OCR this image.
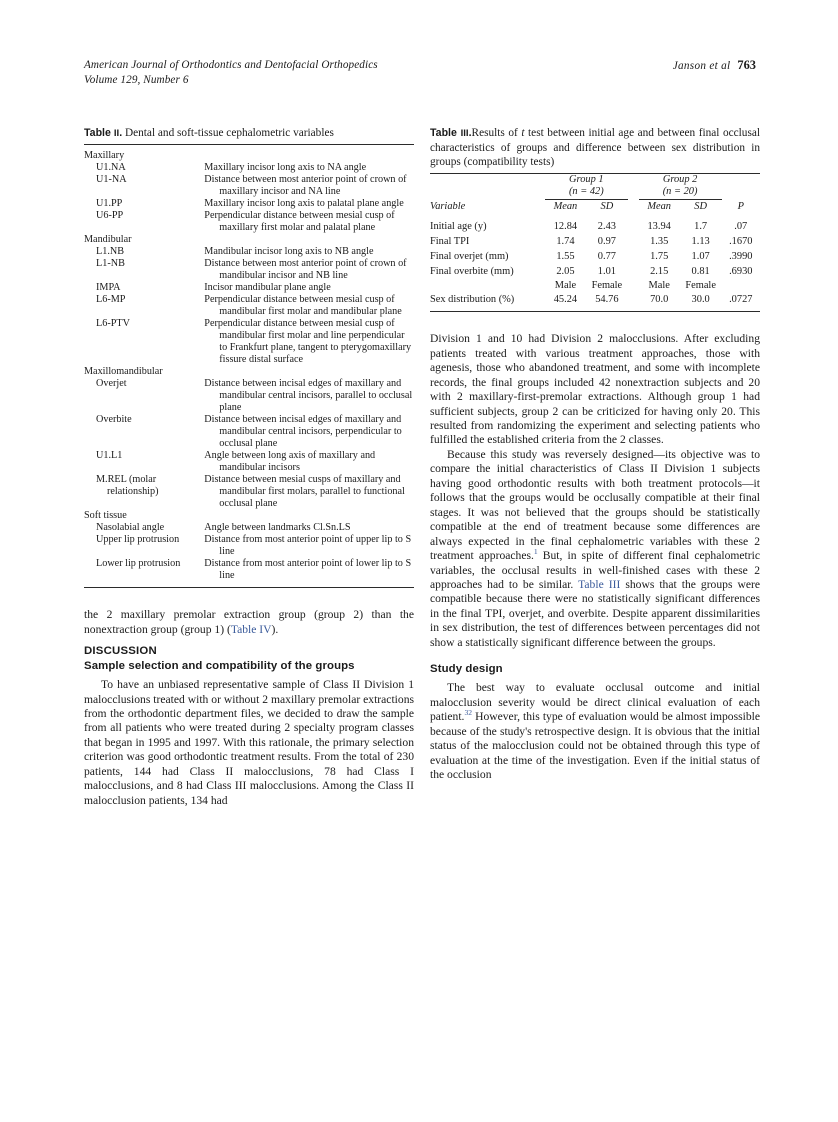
American Journal of Orthodontics and Dentofacial Orthopedics
Volume 129, Number 6
Janson et al 763

Table II. Dental and soft-tissue cephalometric variables

Maxillary	

U1.NA	Maxillary incisor long axis to NA angle

U1-NA	Distance between most anterior point of crown of maxillary incisor and NA line

U1.PP	Maxillary incisor long axis to palatal plane angle

U6-PP	Perpendicular distance between mesial cusp of maxillary first molar and palatal plane

Mandibular	

L1.NB	Mandibular incisor long axis to NB angle

L1-NB	Distance between most anterior point of crown of mandibular incisor and NB line

IMPA	Incisor mandibular plane angle

L6-MP	Perpendicular distance between mesial cusp of mandibular first molar and mandibular plane

L6-PTV	Perpendicular distance between mesial cusp of mandibular first molar and line perpendicular to Frankfurt plane, tangent to pterygomaxillary fissure distal surface

Maxillomandibular	

Overjet	Distance between incisal edges of maxillary and mandibular central incisors, parallel to occlusal plane

Overbite	Distance between incisal edges of maxillary and mandibular central incisors, perpendicular to occlusal plane

U1.L1	Angle between long axis of maxillary and mandibular incisors

M.REL (molar relationship)	Distance between mesial cusps of maxillary and mandibular first molars, parallel to functional occlusal plane

Soft tissue	

Nasolabial angle	Angle between landmarks Cl.Sn.LS

Upper lip protrusion	Distance from most anterior point of upper lip to S line

Lower lip protrusion	Distance from most anterior point of lower lip to S line

the 2 maxillary premolar extraction group (group 2) than the nonextraction group (group 1) (Table IV).

DISCUSSION
Sample selection and compatibility of the groups

To have an unbiased representative sample of Class II Division 1 malocclusions treated with or without 2 maxillary premolar extractions from the orthodontic department files, we decided to draw the sample from all patients who were treated during 2 specialty program classes that began in 1995 and 1997. With this rationale, the primary selection criterion was good orthodontic treatment results. From the total of 230 patients, 144 had Class II malocclusions, 78 had Class I malocclusions, and 8 had Class III malocclusions. Among the Class II malocclusion patients, 134 had

Table III.Results of t test between initial age and between final occlusal characteristics of groups and difference between sex distribution in groups (compatibility tests)

	Group 1
(n = 42)			Group 2
(n = 20)		
Variable	Mean	SD		Mean	SD	P
Initial age (y)	12.84	2.43		13.94	1.7	.07
Final TPI	1.74	0.97		1.35	1.13	.1670
Final overjet (mm)	1.55	0.77		1.75	1.07	.3990
Final overbite (mm)	2.05	1.01		2.15	0.81	.6930
	Male	Female		Male	Female	
Sex distribution (%)	45.24	54.76		70.0	30.0	.0727

Division 1 and 10 had Division 2 malocclusions. After excluding patients treated with various treatment approaches, those with agenesis, those who abandoned treatment, and some with incomplete records, the final groups included 42 nonextraction subjects and 20 with 2 maxillary-first-premolar extractions. Although group 1 had sufficient subjects, group 2 can be criticized for having only 20. This resulted from randomizing the experiment and selecting patients who fulfilled the established criteria from the 2 classes.

Because this study was reversely designed—its objective was to compare the initial characteristics of Class II Division 1 subjects having good orthodontic results with both treatment protocols—it follows that the groups would be occlusally compatible at their final stages. It was not believed that the groups should be statistically compatible at the end of treatment because some differences are always expected in the final cephalometric variables with these 2 treatment approaches.$^1$ But, in spite of different final cephalometric variables, the occlusal results in well-finished cases with these 2 approaches had to be similar. Table III shows that the groups were compatible because there were no statistically significant differences in the final TPI, overjet, and overbite. Despite apparent dissimilarities in sex distribution, the test of differences between percentages did not show a statistically significant difference between the groups.

Study design

The best way to evaluate occlusal outcome and initial malocclusion severity would be direct clinical evaluation of each patient.$^{32}$ However, this type of evaluation would be almost impossible because of the study's retrospective design. It is obvious that the initial status of the malocclusion could not be obtained through this type of evaluation at the time of the investigation. Even if the initial status of the occlusion
